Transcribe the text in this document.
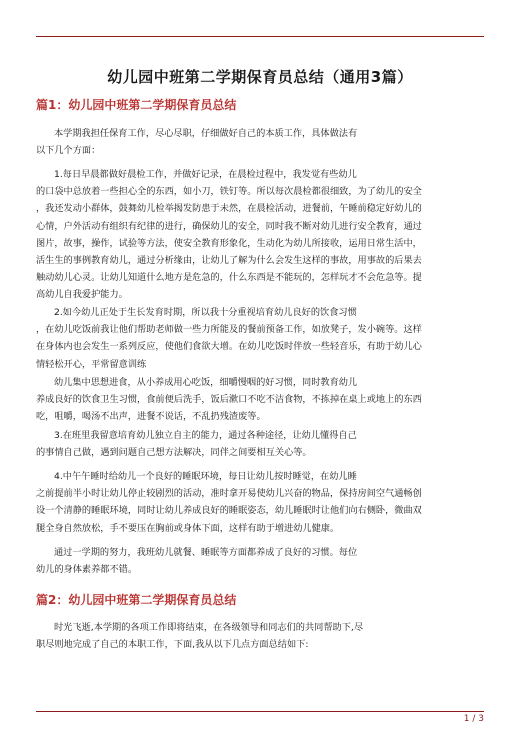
幼儿园中班第二学期保育员总结（通用3篇）
篇1：幼儿园中班第二学期保育员总结
本学期我担任保育工作，尽心尽职，仔细做好自己的本质工作，具体做法有
以下几个方面：
1.每日早晨都做好晨检工作，并做好记录，在晨检过程中，我发觉有些幼儿
的口袋中总放着一些担心全的东西，如小刀，铁钉等。所以每次晨检都很细致，为了幼儿的安全
，我还发动小群体，鼓舞幼儿检举揭发防患于未然，在晨检活动，进餐前，午睡前稳定好幼儿的
心情，户外活动有组织有纪律的进行，确保幼儿的安全，同时我不断对幼儿进行安全教育，通过
图片，故事，操作，试验等方法，使安全教育形象化，生动化为幼儿所接收，运用日常生活中，
活生生的事例教育幼儿，通过分析缘由，让幼儿了解为什么会发生这样的事故，用事故的后果去
触动幼儿心灵。让幼儿知道什么地方是危急的，什么东西是不能玩的，怎样玩才不会危急等。提
高幼儿自我爱护能力。
2.如今幼儿正处于生长发育时期，所以我十分重视培育幼儿良好的饮食习惯
，在幼儿吃饭前我让他们帮助老师做一些力所能及的餐前预备工作，如放凳子，发小碗等。这样
在身体内也会发生一系列反应，使他们食欲大增。在幼儿吃饭时伴放一些轻音乐，有助于幼儿心
情轻松开心，平常留意训练
幼儿集中思想进食，从小养成用心吃饭，细嚼慢咽的好习惯，同时教育幼儿
养成良好的饮食卫生习惯，食前便后洗手，饭后漱口不吃不洁食物，不拣掉在桌上或地上的东西
吃，咀嚼，喝汤不出声，进餐不说话，不乱扔残渣废等。
3.在班里我留意培育幼儿独立自主的能力，通过各种途径，让幼儿懂得自己
的事情自己做，遇到问题自己想方法解决，同伴之间要相互关心等。
4.中午午睡时给幼儿一个良好的睡眠环境，每日让幼儿按时睡觉，在幼儿睡
之前提前半小时让幼儿停止较剧烈的活动，准时拿开易使幼儿兴奋的物品，保持房间空气通畅创
设一个清静的睡眠环境，同时让幼儿养成良好的睡眠姿态，幼儿睡眠时让他们向右侧卧，微曲双
腿全身自然放松，手不要压在胸前或身体下面，这样有助于增进幼儿健康。
通过一学期的努力，我班幼儿就餐、睡眠等方面都养成了良好的习惯。每位
幼儿的身体素养都不错。
篇2：幼儿园中班第二学期保育员总结
时光飞逝,本学期的各项工作即将结束，在各级领导和同志们的共同帮助下,尽
职尽则地完成了自己的本职工作，下面,我从以下几点方面总结如下:
1 / 3
